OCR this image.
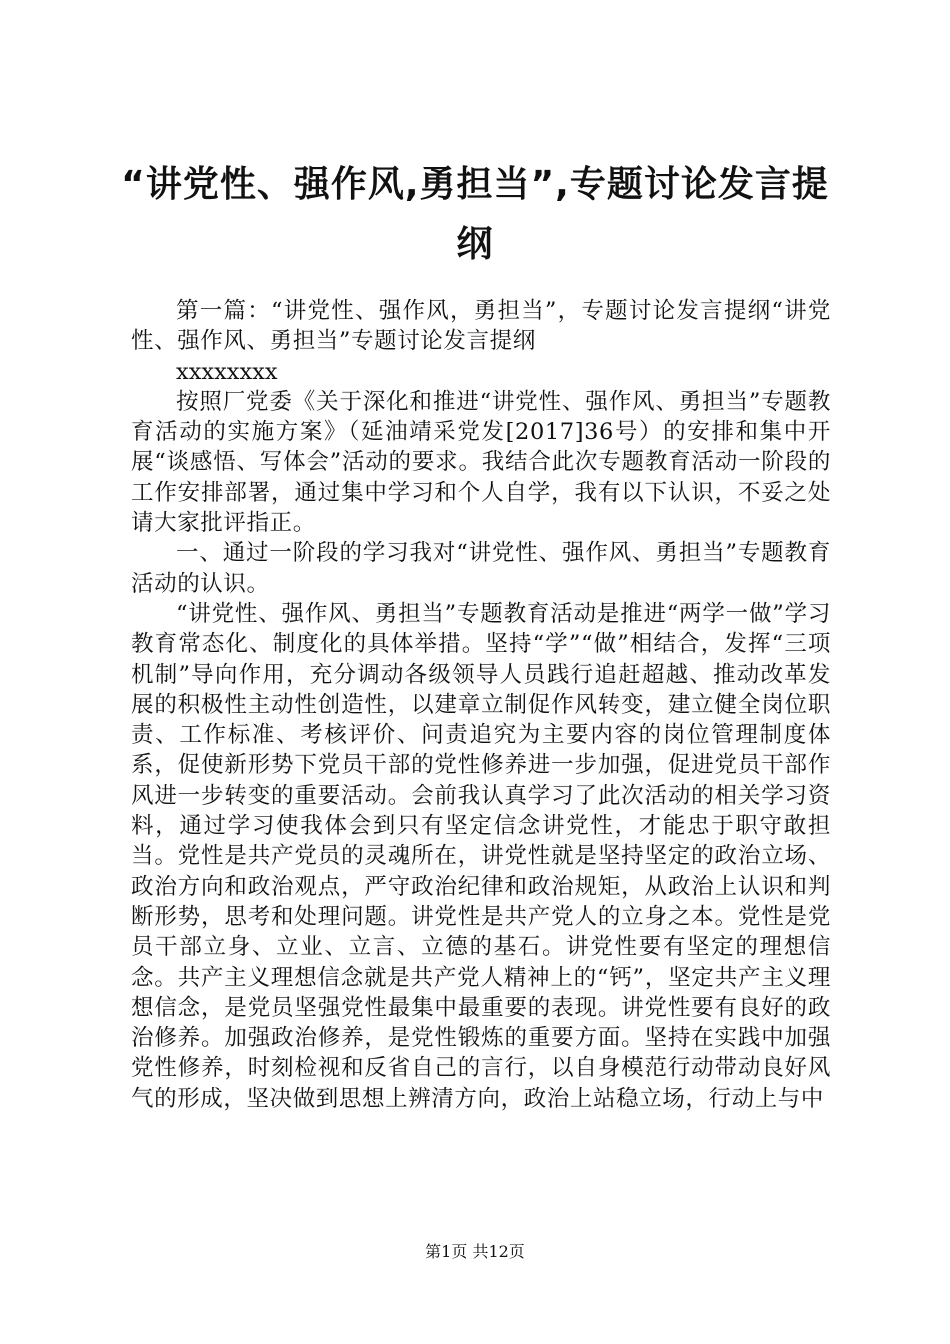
“讲党性、强作风,勇担当”,专题讨论发言提
纲

第一篇：“讲党性、强作风，勇担当”，专题讨论发言提纲“讲党性、强作风、勇担当”专题讨论发言提纲

xxxxxxxx

按照厂党委《关于深化和推进“讲党性、强作风、勇担当”专题教育活动的实施方案》（延油靖采党发[2017]36号）的安排和集中开展“谈感悟、写体会”活动的要求。我结合此次专题教育活动一阶段的工作安排部署，通过集中学习和个人自学，我有以下认识，不妥之处请大家批评指正。

一、通过一阶段的学习我对“讲党性、强作风、勇担当”专题教育活动的认识。

“讲党性、强作风、勇担当”专题教育活动是推进“两学一做”学习教育常态化、制度化的具体举措。坚持“学”“做”相结合，发挥“三项机制”导向作用，充分调动各级领导人员践行追赶超越、推动改革发展的积极性主动性创造性，以建章立制促作风转变，建立健全岗位职责、工作标准、考核评价、问责追究为主要内容的岗位管理制度体系，促使新形势下党员干部的党性修养进一步加强，促进党员干部作风进一步转变的重要活动。会前我认真学习了此次活动的相关学习资料，通过学习使我体会到只有坚定信念讲党性，才能忠于职守敢担当。党性是共产党员的灵魂所在，讲党性就是坚持坚定的政治立场、政治方向和政治观点，严守政治纪律和政治规矩，从政治上认识和判断形势，思考和处理问题。讲党性是共产党人的立身之本。党性是党员干部立身、立业、立言、立德的基石。讲党性要有坚定的理想信念。共产主义理想信念就是共产党人精神上的“钙”，坚定共产主义理想信念，是党员坚强党性最集中最重要的表现。讲党性要有良好的政治修养。加强政治修养，是党性锻炼的重要方面。坚持在实践中加强党性修养，时刻检视和反省自己的言行，以自身模范行动带动良好风气的形成，坚决做到思想上辨清方向，政治上站稳立场，行动上与中

第1页 共12页
